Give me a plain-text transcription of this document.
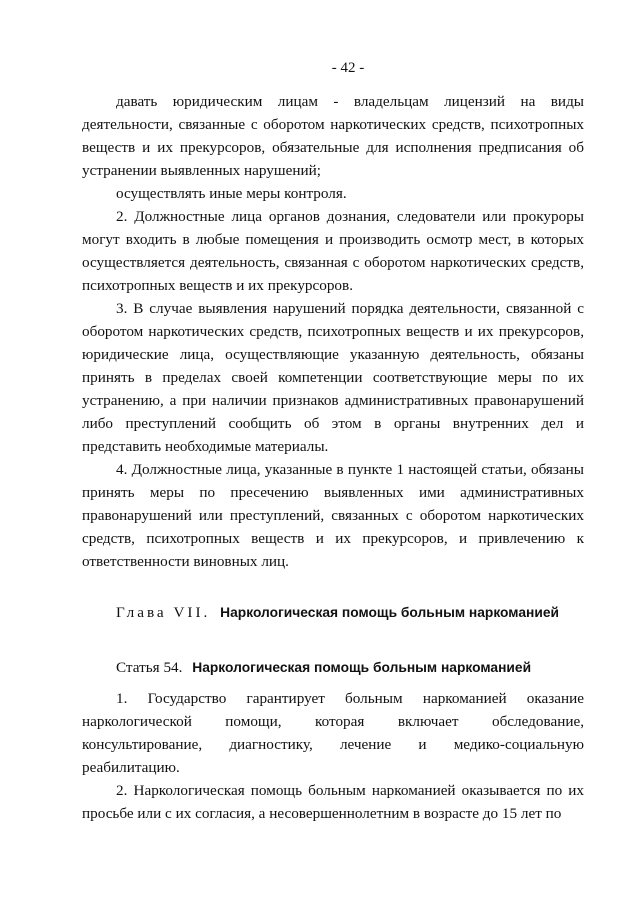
- 42 -

давать юридическим лицам - владельцам лицензий на виды деятельности, связанные с оборотом наркотических средств, психотропных веществ и их прекурсоров, обязательные для исполнения предписания об устранении выявленных нарушений;

осуществлять иные меры контроля.

2. Должностные лица органов дознания, следователи или прокуроры могут входить в любые помещения и производить осмотр мест, в которых осуществляется деятельность, связанная с оборотом наркотических средств, психотропных веществ и их прекурсоров.

3. В случае выявления нарушений порядка деятельности, связанной с оборотом наркотических средств, психотропных веществ и их прекурсоров, юридические лица, осуществляющие указанную деятельность, обязаны принять в пределах своей компетенции соответствующие меры по их устранению, а при наличии признаков административных правонарушений либо преступлений сообщить об этом в органы внутренних дел и представить необходимые материалы.

4. Должностные лица, указанные в пункте 1 настоящей статьи, обязаны принять меры по пресечению выявленных ими административных правонарушений или преступлений, связанных с оборотом наркотических средств, психотропных веществ и их прекурсоров, и привлечению к ответственности виновных лиц.

Глава VII. Наркологическая помощь больным наркоманией
Статья 54. Наркологическая помощь больным наркоманией

1. Государство гарантирует больным наркоманией оказание наркологической помощи, которая включает обследование, консультирование, диагностику, лечение и медико-социальную реабилитацию.

2. Наркологическая помощь больным наркоманией оказывается по их просьбе или с их согласия, а несовершеннолетним в возрасте до 15 лет по
